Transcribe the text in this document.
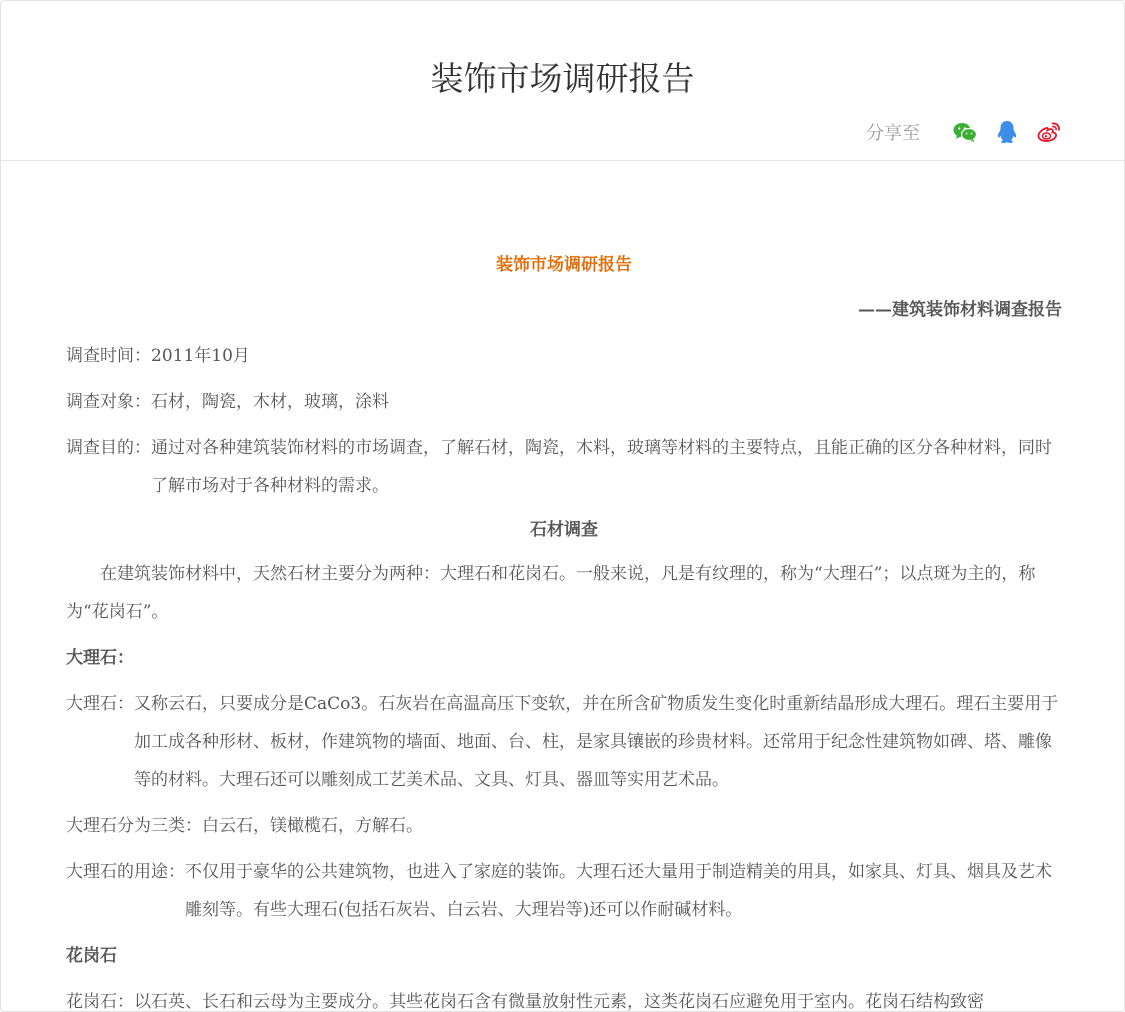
装饰市场调研报告
分享至

装饰市场调研报告

——建筑装饰材料调查报告

调查时间：2011年10月

调查对象：石材，陶瓷，木材，玻璃，涂料

调查目的： 通过对各种建筑装饰材料的市场调查，了解石材，陶瓷，木料，玻璃等材料的主要特点，且能正确的区分各种材料，同时了解市场对于各种材料的需求。

石材调查

在建筑装饰材料中，天然石材主要分为两种：大理石和花岗石。一般来说，凡是有纹理的，称为“大理石”；以点斑为主的，称为“花岗石”。

大理石：

大理石： 又称云石，只要成分是CaCo3。石灰岩在高温高压下变软，并在所含矿物质发生变化时重新结晶形成大理石。理石主要用于加工成各种形材、板材，作建筑物的墙面、地面、台、柱，是家具镶嵌的珍贵材料。还常用于纪念性建筑物如碑、塔、雕像等的材料。大理石还可以雕刻成工艺美术品、文具、灯具、器皿等实用艺术品。

大理石分为三类：白云石，镁橄榄石，方解石。

大理石的用途： 不仅用于豪华的公共建筑物，也进入了家庭的装饰。大理石还大量用于制造精美的用具，如家具、灯具、烟具及艺术雕刻等。有些大理石(包括石灰岩、白云岩、大理岩等)还可以作耐碱材料。

花岗石

花岗石：以石英、长石和云母为主要成分。其些花岗石含有微量放射性元素，这类花岗石应避免用于室内。花岗石结构致密
